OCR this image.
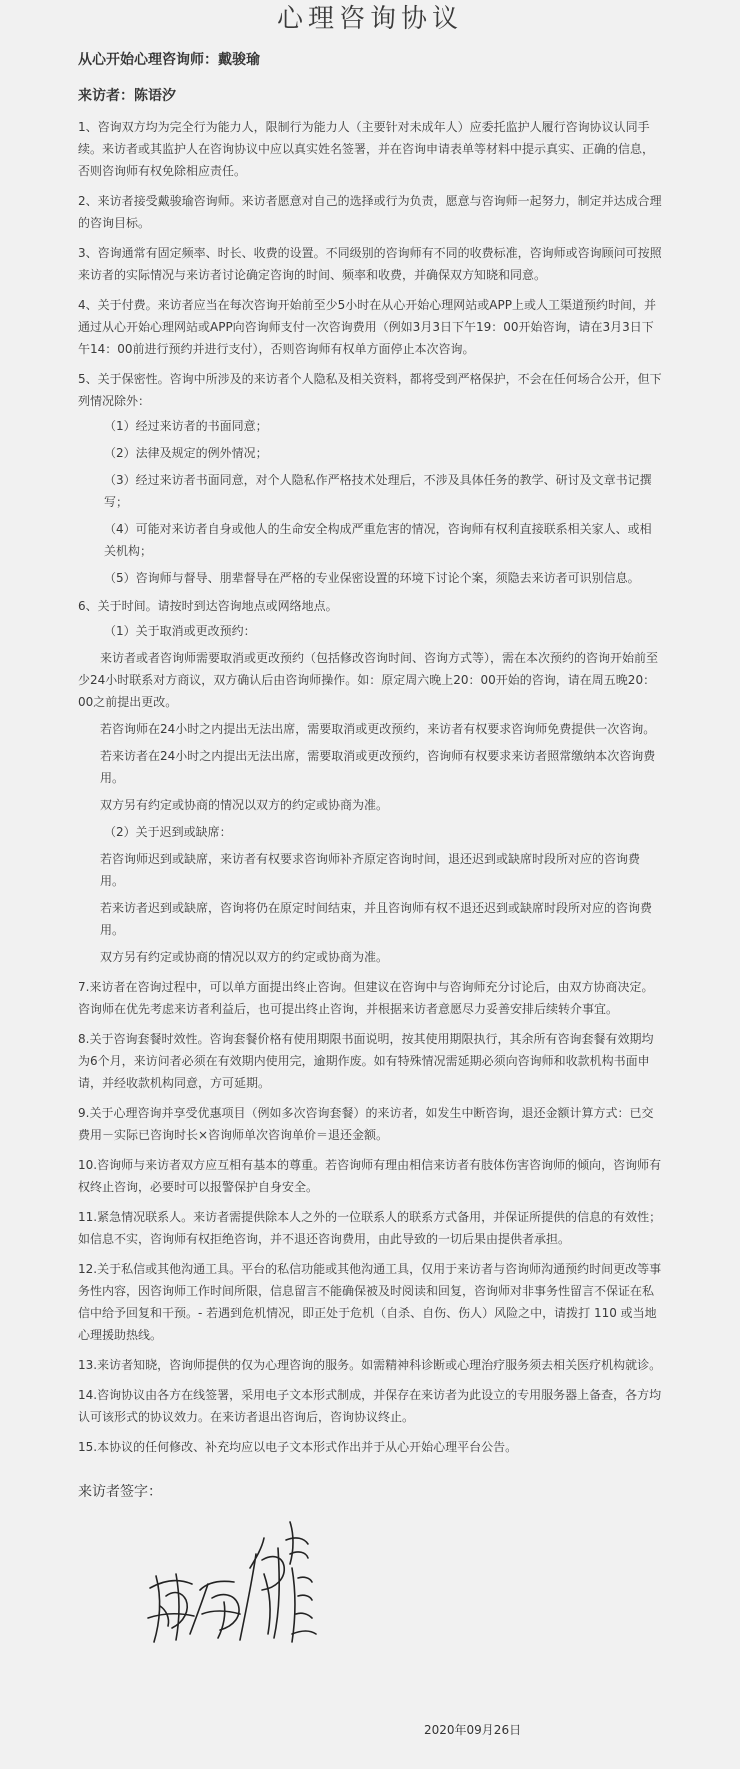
心理咨询协议

从心开始心理咨询师：戴骏瑜

来访者：陈语汐

1、咨询双方均为完全行为能力人，限制行为能力人（主要针对未成年人）应委托监护人履行咨询协议认同手续。来访者或其监护人在咨询协议中应以真实姓名签署，并在咨询申请表单等材料中提示真实、正确的信息，否则咨询师有权免除相应责任。

2、来访者接受戴骏瑜咨询师。来访者愿意对自己的选择或行为负责，愿意与咨询师一起努力，制定并达成合理的咨询目标。

3、咨询通常有固定频率、时长、收费的设置。不同级别的咨询师有不同的收费标准，咨询师或咨询顾问可按照来访者的实际情况与来访者讨论确定咨询的时间、频率和收费，并确保双方知晓和同意。

4、关于付费。来访者应当在每次咨询开始前至少5小时在从心开始心理网站或APP上或人工渠道预约时间，并通过从心开始心理网站或APP向咨询师支付一次咨询费用（例如3月3日下午19：00开始咨询，请在3月3日下午14：00前进行预约并进行支付），否则咨询师有权单方面停止本次咨询。

5、关于保密性。咨询中所涉及的来访者个人隐私及相关资料，都将受到严格保护，不会在任何场合公开，但下列情况除外：

（1）经过来访者的书面同意；

（2）法律及规定的例外情况；

（3）经过来访者书面同意，对个人隐私作严格技术处理后，不涉及具体任务的教学、研讨及文章书记撰写；

（4）可能对来访者自身或他人的生命安全构成严重危害的情况，咨询师有权利直接联系相关家人、或相关机构；

（5）咨询师与督导、朋辈督导在严格的专业保密设置的环境下讨论个案，须隐去来访者可识别信息。

6、关于时间。请按时到达咨询地点或网络地点。

（1）关于取消或更改预约：

来访者或者咨询师需要取消或更改预约（包括修改咨询时间、咨询方式等），需在本次预约的咨询开始前至少24小时联系对方商议，双方确认后由咨询师操作。如：原定周六晚上20：00开始的咨询，请在周五晚20：00之前提出更改。

若咨询师在24小时之内提出无法出席，需要取消或更改预约，来访者有权要求咨询师免费提供一次咨询。

若来访者在24小时之内提出无法出席，需要取消或更改预约，咨询师有权要求来访者照常缴纳本次咨询费用。

双方另有约定或协商的情况以双方的约定或协商为准。

（2）关于迟到或缺席：

若咨询师迟到或缺席，来访者有权要求咨询师补齐原定咨询时间，退还迟到或缺席时段所对应的咨询费用。

若来访者迟到或缺席，咨询将仍在原定时间结束，并且咨询师有权不退还迟到或缺席时段所对应的咨询费用。

双方另有约定或协商的情况以双方的约定或协商为准。

7.来访者在咨询过程中，可以单方面提出终止咨询。但建议在咨询中与咨询师充分讨论后，由双方协商决定。咨询师在优先考虑来访者利益后，也可提出终止咨询，并根据来访者意愿尽力妥善安排后续转介事宜。

8.关于咨询套餐时效性。咨询套餐价格有使用期限书面说明，按其使用期限执行，其余所有咨询套餐有效期均为6个月，来访问者必须在有效期内使用完，逾期作废。如有特殊情况需延期必须向咨询师和收款机构书面申请，并经收款机构同意，方可延期。

9.关于心理咨询并享受优惠项目（例如多次咨询套餐）的来访者，如发生中断咨询，退还金额计算方式：已交费用－实际已咨询时长×咨询师单次咨询单价＝退还金额。

10.咨询师与来访者双方应互相有基本的尊重。若咨询师有理由相信来访者有肢体伤害咨询师的倾向，咨询师有权终止咨询，必要时可以报警保护自身安全。

11.紧急情况联系人。来访者需提供除本人之外的一位联系人的联系方式备用，并保证所提供的信息的有效性；如信息不实，咨询师有权拒绝咨询，并不退还咨询费用，由此导致的一切后果由提供者承担。

12.关于私信或其他沟通工具。平台的私信功能或其他沟通工具，仅用于来访者与咨询师沟通预约时间更改等事务性内容，因咨询师工作时间所限，信息留言不能确保被及时阅读和回复，咨询师对非事务性留言不保证在私信中给予回复和干预。- 若遇到危机情况，即正处于危机（自杀、自伤、伤人）风险之中，请拨打 110 或当地心理援助热线。

13.来访者知晓，咨询师提供的仅为心理咨询的服务。如需精神科诊断或心理治疗服务须去相关医疗机构就诊。

14.咨询协议由各方在线签署，采用电子文本形式制成，并保存在来访者为此设立的专用服务器上备查，各方均认可该形式的协议效力。在来访者退出咨询后，咨询协议终止。

15.本协议的任何修改、补充均应以电子文本形式作出并于从心开始心理平台公告。

来访者签字：
2020年09月26日
